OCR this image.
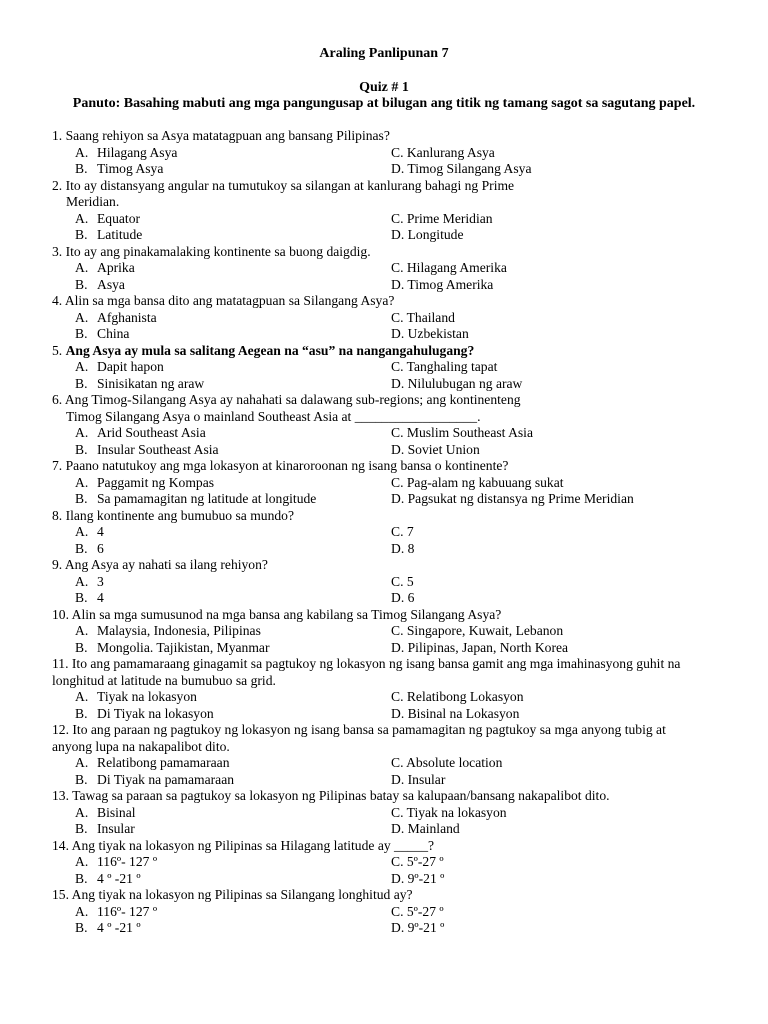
Araling Panlipunan 7
Quiz # 1
Panuto: Basahing mabuti ang mga pangungusap at bilugan ang titik ng tamang sagot sa sagutang papel.
1. Saang rehiyon sa Asya matatagpuan ang bansang Pilipinas?
A. Hilagang Asya	C. Kanlurang Asya
B. Timog Asya	D. Timog Silangang Asya
2. Ito ay distansyang angular na tumutukoy sa silangan at kanlurang bahagi ng Prime
Meridian.
A. Equator	C. Prime Meridian
B. Latitude	D. Longitude
3. Ito ay ang pinakamalaking kontinente sa buong daigdig.
A. Aprika	C. Hilagang Amerika
B. Asya	D. Timog Amerika
4. Alin sa mga bansa dito ang matatagpuan sa Silangang Asya?
A. Afghanista	C. Thailand
B. China	D. Uzbekistan
5. Ang Asya ay mula sa salitang Aegean na “asu” na nangangahulugang?
A. Dapit hapon	C. Tanghaling tapat
B. Sinisikatan ng araw	D. Nilulubugan ng araw
6. Ang Timog-Silangang Asya ay nahahati sa dalawang sub-regions; ang kontinenteng
Timog Silangang Asya o mainland Southeast Asia at __________________.
A. Arid Southeast Asia	C. Muslim Southeast Asia
B. Insular Southeast Asia	D. Soviet Union
7. Paano natutukoy ang mga lokasyon at kinaroroonan ng isang bansa o kontinente?
A. Paggamit ng Kompas	C. Pag-alam ng kabuuang sukat
B. Sa pamamagitan ng latitude at longitude	D. Pagsukat ng distansya ng Prime Meridian
8. Ilang kontinente ang bumubuo sa mundo?
A. 4	C. 7
B. 6	D. 8
9. Ang Asya ay nahati sa ilang rehiyon?
A. 3	C. 5
B. 4	D. 6
10. Alin sa mga sumusunod na mga bansa ang kabilang sa Timog Silangang Asya?
A. Malaysia, Indonesia, Pilipinas	C. Singapore, Kuwait, Lebanon
B. Mongolia. Tajikistan, Myanmar	D. Pilipinas, Japan, North Korea
11. Ito ang pamamaraang ginagamit sa pagtukoy ng lokasyon ng isang bansa gamit ang mga imahinasyong guhit na
longhitud at latitude na bumubuo sa grid.
A. Tiyak na lokasyon	C. Relatibong Lokasyon
B. Di Tiyak na lokasyon	D. Bisinal na Lokasyon
12. Ito ang paraan ng pagtukoy ng lokasyon ng isang bansa sa pamamagitan ng pagtukoy sa mga anyong tubig at
anyong lupa na nakapalibot dito.
A. Relatibong pamamaraan	C. Absolute location
B. Di Tiyak na pamamaraan	D. Insular
13. Tawag sa paraan sa pagtukoy sa lokasyon ng Pilipinas batay sa kalupaan/bansang nakapalibot dito.
A. Bisinal	C. Tiyak na lokasyon
B. Insular	D. Mainland
14. Ang tiyak na lokasyon ng Pilipinas sa Hilagang latitude ay _____?
A. 116º- 127 º	C. 5º-27 º
B. 4 º -21 º	D. 9º-21 º
15. Ang tiyak na lokasyon ng Pilipinas sa Silangang longhitud ay?
A. 116º- 127 º	C. 5º-27 º
B. 4 º -21 º	D. 9º-21 º
